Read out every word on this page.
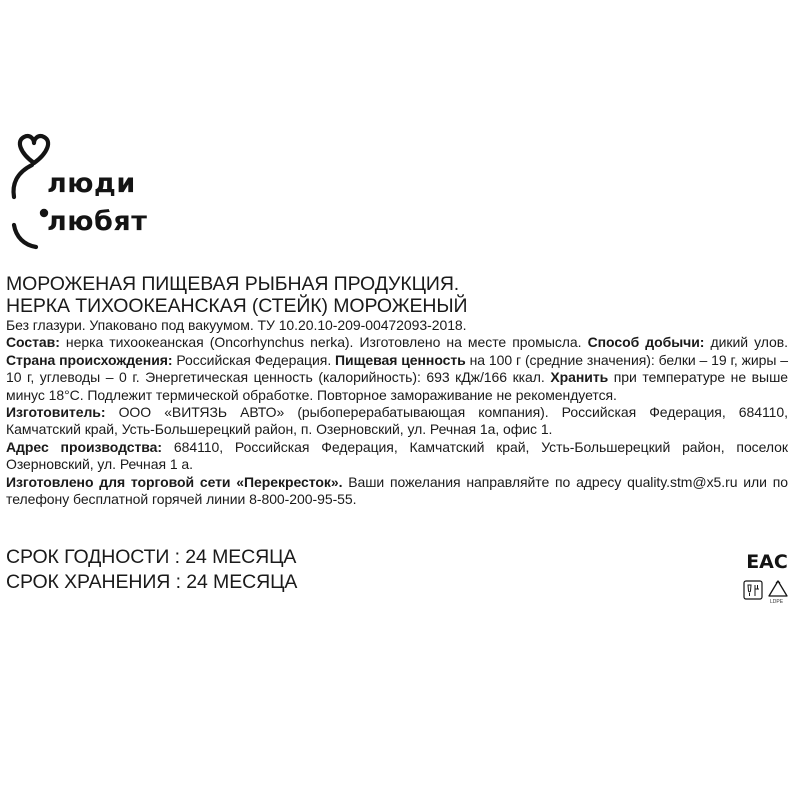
люди
любят
МОРОЖЕНАЯ ПИЩЕВАЯ РЫБНАЯ ПРОДУКЦИЯ.
НЕРКА ТИХООКЕАНСКАЯ (СТЕЙК) МОРОЖЕНЫЙ

Без глазури. Упаковано под вакуумом. ТУ 10.20.10-209-00472093-2018.
Состав: нерка тихоокеанская (Oncorhynchus nerka). Изготовлено на месте промысла. Способ добычи: дикий улов. Страна происхождения: Российская Федерация. Пищевая ценность на 100 г (средние значения): белки – 19 г, жиры – 10 г, углеводы – 0 г. Энергетическая ценность (калорийность): 693 кДж/166 ккал. Хранить при температуре не выше минус 18°С. Подлежит термической обработке. Повторное замораживание не рекомендуется.

Изготовитель: ООО «ВИТЯЗЬ АВТО» (рыбоперерабатывающая компания). Российская Федерация, 684110, Камчатский край, Усть-Большерецкий район, п. Озерновский, ул. Речная 1а, офис 1.

Адрес производства: 684110, Российская Федерация, Камчатский край, Усть-Большерецкий район, поселок Озерновский, ул. Речная 1 а.

Изготовлено для торговой сети «Перекресток». Ваши пожелания направляйте по адресу quality.stm@x5.ru или по телефону бесплатной горячей линии 8-800-200-95-55.

СРОК ГОДНОСТИ : 24 МЕСЯЦА
СРОК ХРАНЕНИЯ : 24 МЕСЯЦА
EAC
LDPE
